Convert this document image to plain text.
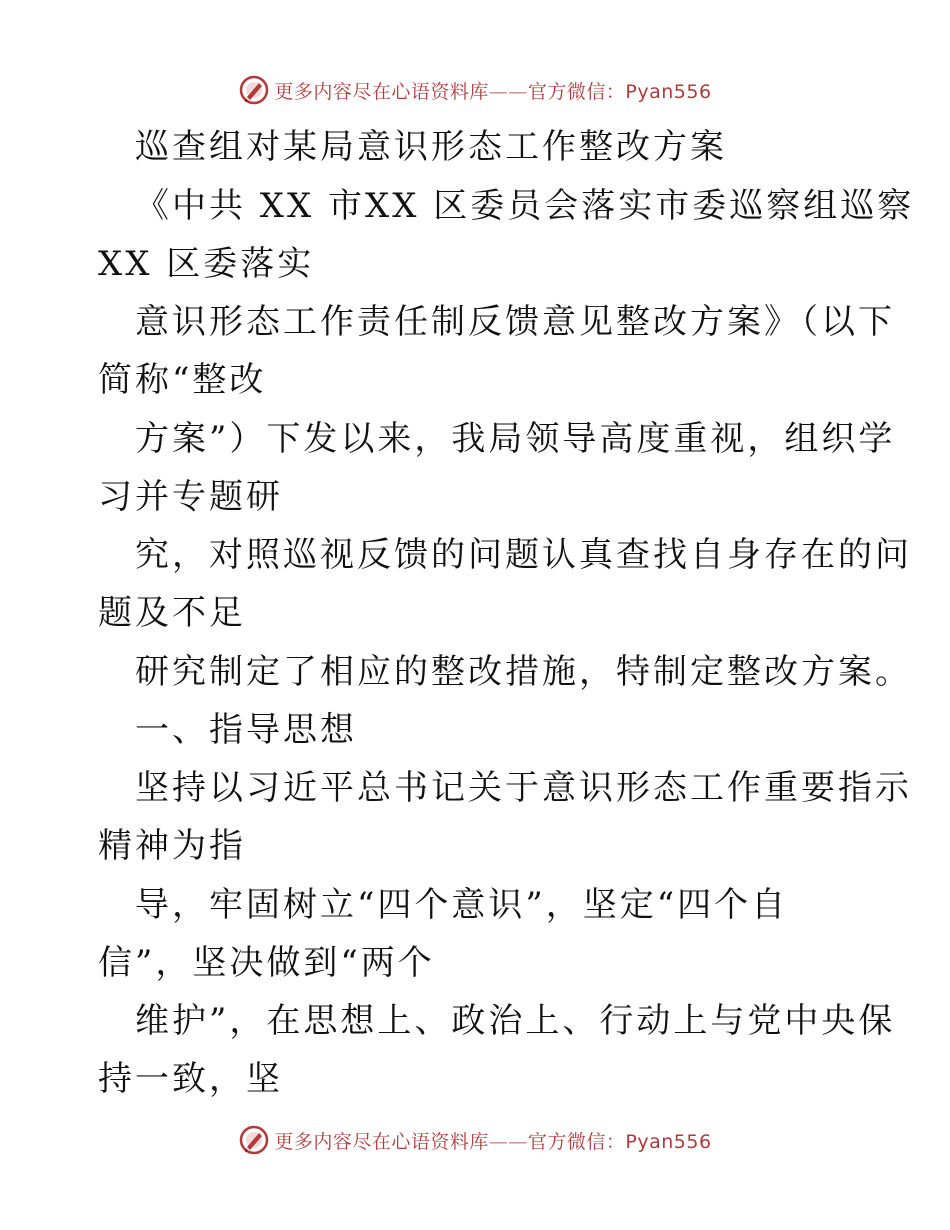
更多内容尽在心语资料库——官方微信：Pyan556
巡查组对某局意识形态工作整改方案
《中共 XX 市XX 区委员会落实市委巡察组巡察
XX 区委落实
意识形态工作责任制反馈意见整改方案》（以下
简称“整改
方案”）下发以来，我局领导高度重视，组织学
习并专题研
究，对照巡视反馈的问题认真查找自身存在的问
题及不足
研究制定了相应的整改措施，特制定整改方案。
一、指导思想
坚持以习近平总书记关于意识形态工作重要指示
精神为指
导，牢固树立“四个意识”，坚定“四个自
信”，坚决做到“两个
维护”，在思想上、政治上、行动上与党中央保
持一致，坚
更多内容尽在心语资料库——官方微信：Pyan556
